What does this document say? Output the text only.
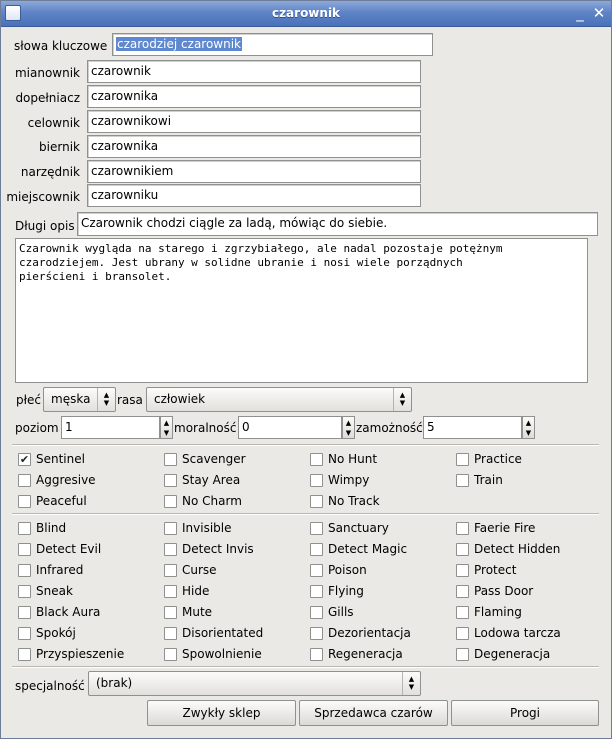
czarownik	_ ✕
słowa kluczowe czarodziej czarownik
mianownik czarownik
dopełniacz czarownika
celownik czarownikowi
biernik czarownika
narzędnik czarownikiem
miejscownik czarowniku
Długi opis Czarownik chodzi ciągle za ladą, mówiąc do siebie.
Czarownik wygląda na starego i zgrzybiałego, ale nadal pozostaje potężnym
czarodziejem. Jest ubrany w solidne ubranie i nosi wiele porządnych
pierścieni i bransolet.
płeć męska	▲
▼ rasa człowiek	▲
▼
poziom 1	▲
▼ moralność 0	▲
▼ zamożność 5	▲
▼
✔ Sentinel	Scavenger	No Hunt	Practice
Aggresive	Stay Area	Wimpy	Train
Peaceful	No Charm	No Track
Blind	Invisible	Sanctuary	Faerie Fire
Detect Evil	Detect Invis	Detect Magic	Detect Hidden
Infrared	Curse	Poison	Protect
Sneak	Hide	Flying	Pass Door
Black Aura	Mute	Gills	Flaming
Spokój	Disorientated	Dezorientacja	Lodowa tarcza
Przyspieszenie	Spowolnienie	Regeneracja	Degeneracja
specjalność (brak)	▲
▼
Zwykły sklep	Sprzedawca czarów	Progi
